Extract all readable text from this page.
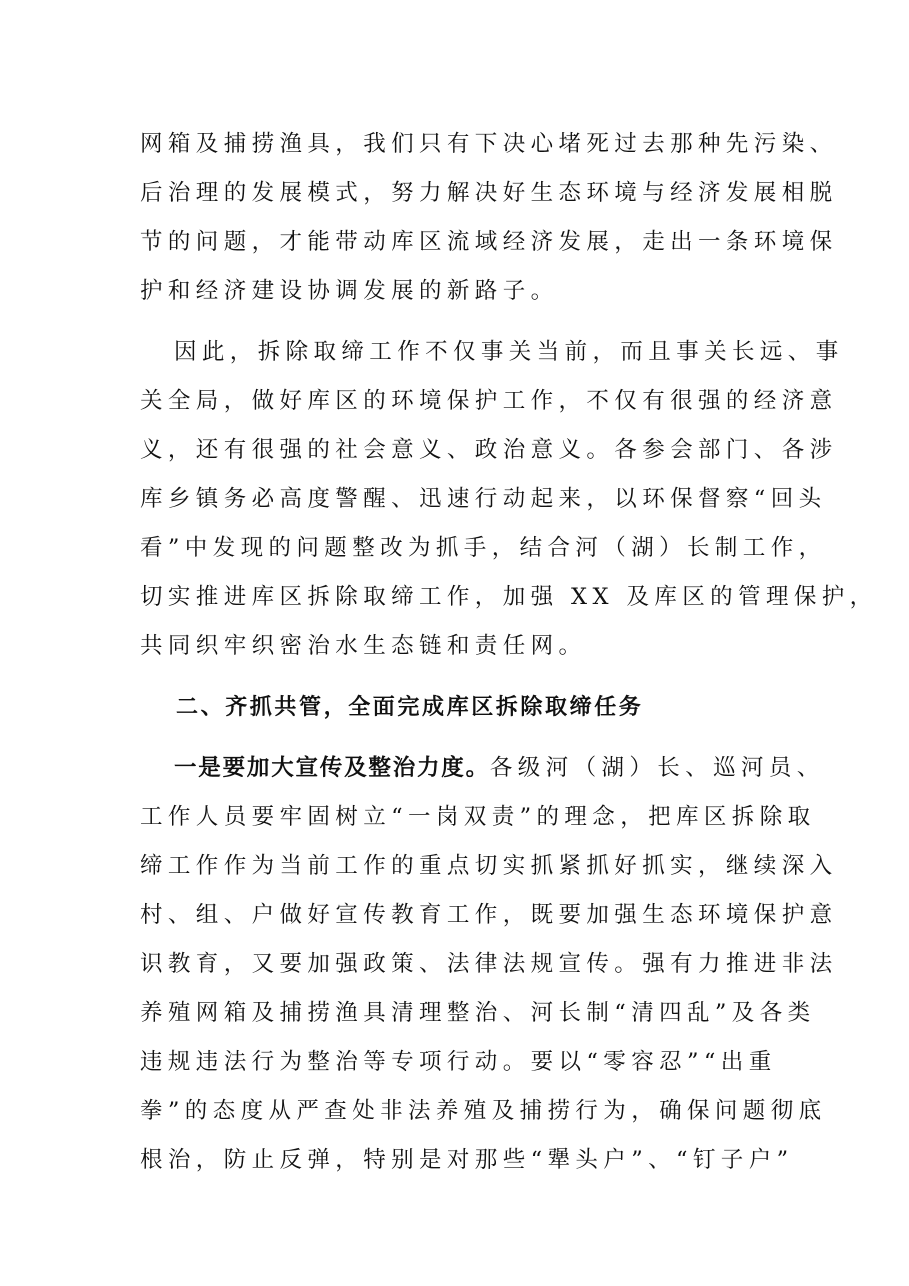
网箱及捕捞渔具，我们只有下决心堵死过去那种先污染、
后治理的发展模式，努力解决好生态环境与经济发展相脱
节的问题，才能带动库区流域经济发展，走出一条环境保
护和经济建设协调发展的新路子。
因此，拆除取缔工作不仅事关当前，而且事关长远、事
关全局，做好库区的环境保护工作，不仅有很强的经济意
义，还有很强的社会意义、政治意义。各参会部门、各涉
库乡镇务必高度警醒、迅速行动起来，以环保督察“回头
看”中发现的问题整改为抓手，结合河（湖）长制工作，
切实推进库区拆除取缔工作，加强 XX 及库区的管理保护，
共同织牢织密治水生态链和责任网。
二、齐抓共管，全面完成库区拆除取缔任务
一是要加大宣传及整治力度。各级河（湖）长、巡河员、
工作人员要牢固树立“一岗双责”的理念，把库区拆除取
缔工作作为当前工作的重点切实抓紧抓好抓实，继续深入
村、组、户做好宣传教育工作，既要加强生态环境保护意
识教育，又要加强政策、法律法规宣传。强有力推进非法
养殖网箱及捕捞渔具清理整治、河长制“清四乱”及各类
违规违法行为整治等专项行动。要以“零容忍”“出重
拳”的态度从严查处非法养殖及捕捞行为，确保问题彻底
根治，防止反弹，特别是对那些“犟头户”、“钉子户”
